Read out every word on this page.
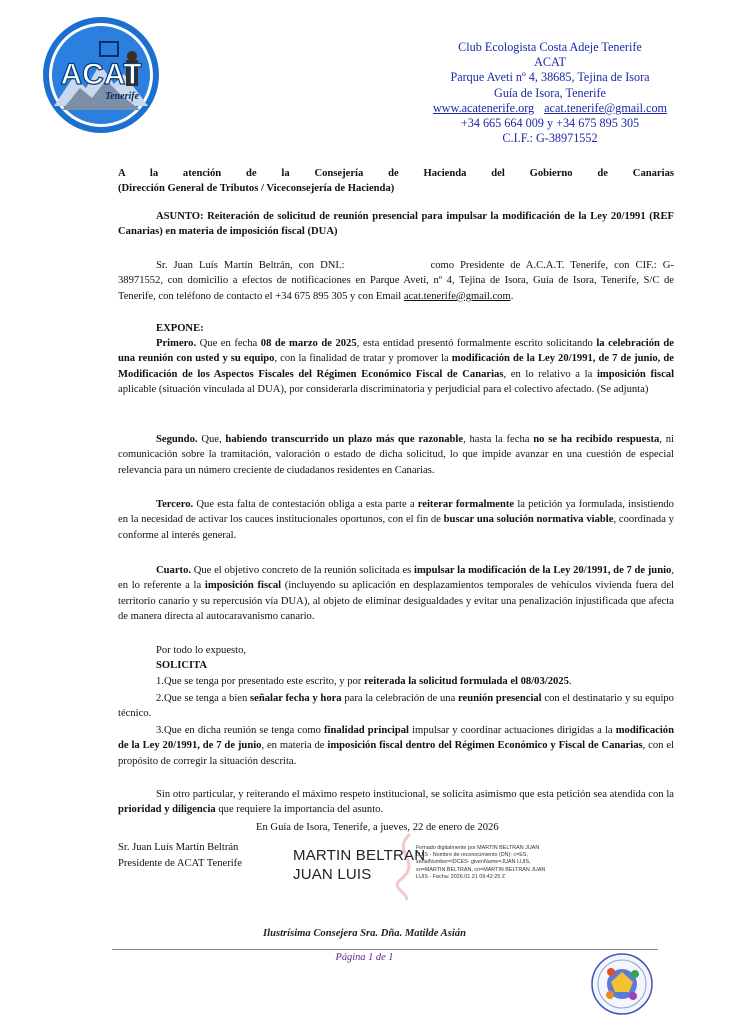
ACAT
Tenerife
Club Ecologista Costa Adeje Tenerife
ACAT
Parque Aveti nº 4, 38685, Tejina de Isora
Guía de Isora, Tenerife
www.acatenerife.org acat.tenerife@gmail.com
+34 665 664 009 y +34 675 895 305
C.I.F.: G-38971552
A la atención de la Consejería de Hacienda del Gobierno de Canarias
(Dirección General de Tributos / Viceconsejería de Hacienda)
ASUNTO: Reiteración de solicitud de reunión presencial para impulsar la modificación de la Ley 20/1991 (REF Canarias) en materia de imposición fiscal (DUA)
Sr. Juan Luís Martín Beltrán, con DNI.:	como Presidente de A.C.A.T. Tenerife, con CIF.: G-38971552, con domicilio a efectos de notificaciones en Parque Aveti, nº 4, Tejina de Isora, Guía de Isora, Tenerife, S/C de Tenerife, con teléfono de contacto el +34 675 895 305 y con Email acat.tenerife@gmail.com.
EXPONE:
Primero. Que en fecha 08 de marzo de 2025, esta entidad presentó formalmente escrito solicitando la celebración de una reunión con usted y su equipo, con la finalidad de tratar y promover la modificación de la Ley 20/1991, de 7 de junio, de Modificación de los Aspectos Fiscales del Régimen Económico Fiscal de Canarias, en lo relativo a la imposición fiscal aplicable (situación vinculada al DUA), por considerarla discriminatoria y perjudicial para el colectivo afectado. (Se adjunta)
Segundo. Que, habiendo transcurrido un plazo más que razonable, hasta la fecha no se ha recibido respuesta, ni comunicación sobre la tramitación, valoración o estado de dicha solicitud, lo que impide avanzar en una cuestión de especial relevancia para un número creciente de ciudadanos residentes en Canarias.
Tercero. Que esta falta de contestación obliga a esta parte a reiterar formalmente la petición ya formulada, insistiendo en la necesidad de activar los cauces institucionales oportunos, con el fin de buscar una solución normativa viable, coordinada y conforme al interés general.
Cuarto. Que el objetivo concreto de la reunión solicitada es impulsar la modificación de la Ley 20/1991, de 7 de junio, en lo referente a la imposición fiscal (incluyendo su aplicación en desplazamientos temporales de vehículos vivienda fuera del territorio canario y su repercusión vía DUA), al objeto de eliminar desigualdades y evitar una penalización injustificada que afecta de manera directa al autocaravanismo canario.
Por todo lo expuesto,
SOLICITA
1.Que se tenga por presentado este escrito, y por reiterada la solicitud formulada el 08/03/2025.
2.Que se tenga a bien señalar fecha y hora para la celebración de una reunión presencial con el destinatario y su equipo técnico.
3.Que en dicha reunión se tenga como finalidad principal impulsar y coordinar actuaciones dirigidas a la modificación de la Ley 20/1991, de 7 de junio, en materia de imposición fiscal dentro del Régimen Económico y Fiscal de Canarias, con el propósito de corregir la situación descrita.
Sin otro particular, y reiterando el máximo respeto institucional, se solicita asimismo que esta petición sea atendida con la prioridad y diligencia que requiere la importancia del asunto.
En Guía de Isora, Tenerife, a jueves, 22 de enero de 2026
Sr. Juan Luís Martín Beltrán
Presidente de ACAT Tenerife	MARTIN BELTRAN
JUAN LUIS
Firmado digitalmente por MARTIN BELTRAN JUAN LUIS - Nombre de reconocimiento (DN): c=ES, serialNumber=IDCES- givenName=JUAN LUIS, sn=MARTIN BELTRAN, cn=MARTIN BELTRAN JUAN LUIS - Fecha: 2026.01.21 09:42:25 Z
Ilustrísima Consejera Sra. Dña. Matilde Asián
Página 1 de 1
